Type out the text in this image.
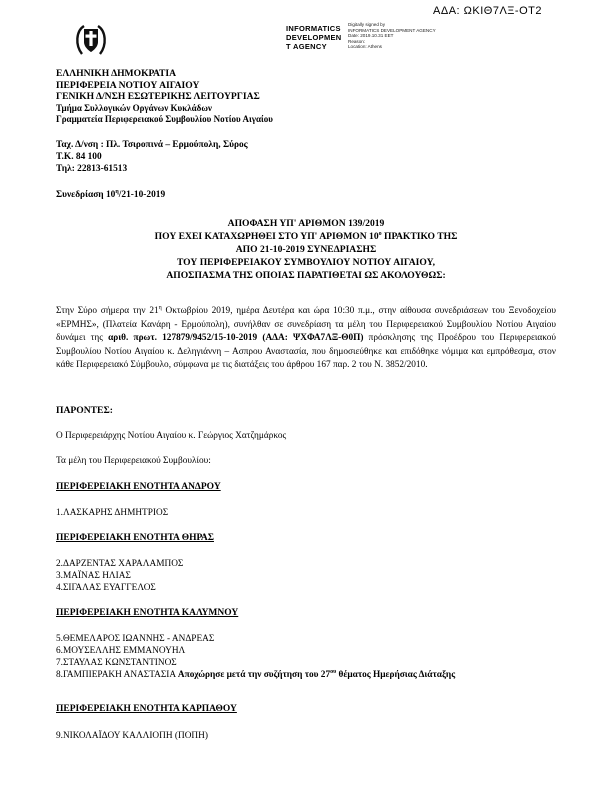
ΑΔΑ: ΩΚΙΘ7ΛΞ-ΟΤ2
INFORMATICS
DEVELOPMEN
T AGENCY
Digitally signed by
INFORMATICS DEVELOPMENT AGENCY
Date: 2019.10.31 EET
Reason:
Location: Athens
ΕΛΛΗΝΙΚΗ ΔΗΜΟΚΡΑΤΙΑ
ΠΕΡΙΦΕΡΕΙΑ ΝΟΤΙΟΥ ΑΙΓΑΙΟΥ
ΓΕΝΙΚΗ Δ/ΝΣΗ ΕΣΩΤΕΡΙΚΗΣ ΛΕΙΤΟΥΡΓΙΑΣ
Τμήμα Συλλογικών Οργάνων Κυκλάδων
Γραμματεία Περιφερειακού Συμβουλίου Νοτίου Αιγαίου
Ταχ. Δ/νση : Πλ. Τσιροπινά – Ερμούπολη, Σύρος
Τ.Κ. 84 100
Τηλ: 22813-61513
Συνεδρίαση $10^\eta/21-10-2019$
ΑΠΟΦΑΣΗ ΥΠ' ΑΡΙΘΜΟΝ 139/2019
ΠΟΥ ΕΧΕΙ ΚΑΤΑΧΩΡΗΘΕΙ ΣΤΟ ΥΠ' ΑΡΙΘΜΟΝ $10^o$ ΠΡΑΚΤΙΚΟ ΤΗΣ
ΑΠΟ 21-10-2019 ΣΥΝΕΔΡΙΑΣΗΣ
ΤΟΥ ΠΕΡΙΦΕΡΕΙΑΚΟΥ ΣΥΜΒΟΥΛΙΟΥ ΝΟΤΙΟΥ ΑΙΓΑΙΟΥ,
ΑΠΟΣΠΑΣΜΑ ΤΗΣ ΟΠΟΙΑΣ ΠΑΡΑΤΙΘΕΤΑΙ ΩΣ ΑΚΟΛΟΥΘΩΣ:

Στην Σύρο σήμερα την $21^\eta$ Οκτωβρίου 2019, ημέρα Δευτέρα και ώρα 10:30 π.μ., στην αίθουσα συνεδριάσεων του Ξενοδοχείου «ΕΡΜΗΣ», (Πλατεία Κανάρη - Ερμούπολη), συνήλθαν σε συνεδρίαση τα μέλη του Περιφερειακού Συμβουλίου Νοτίου Αιγαίου δυνάμει της αριθ. πρωτ. 127879/9452/15-10-2019 (ΑΔΑ: ΨΧΦΑ7ΛΞ-Θ0Π) πρόσκλησης της Προέδρου του Περιφερειακού Συμβουλίου Νοτίου Αιγαίου κ. Δεληγιάννη – Ασπρου Αναστασία, που δημοσιεύθηκε και επιδόθηκε νόμιμα και εμπρόθεσμα, στον κάθε Περιφερειακό Σύμβουλο, σύμφωνα με τις διατάξεις του άρθρου 167 παρ. 2 του Ν. 3852/2010.

ΠΑΡΟΝΤΕΣ:
Ο Περιφερειάρχης Νοτίου Αιγαίου κ. Γεώργιος Χατζημάρκος
Τα μέλη του Περιφερειακού Συμβουλίου:
ΠΕΡΙΦΕΡΕΙΑΚΗ ΕΝΟΤΗΤΑ ΑΝΔΡΟΥ
1.ΛΑΣΚΑΡΗΣ ΔΗΜΗΤΡΙΟΣ
ΠΕΡΙΦΕΡΕΙΑΚΗ ΕΝΟΤΗΤΑ ΘΗΡΑΣ
2.ΔΑΡΖΕΝΤΑΣ ΧΑΡΑΛΑΜΠΟΣ
3.ΜΑΪΝΑΣ ΗΛΙΑΣ
4.ΣΙΓΑΛΑΣ ΕΥΑΓΓΕΛΟΣ
ΠΕΡΙΦΕΡΕΙΑΚΗ ΕΝΟΤΗΤΑ ΚΑΛΥΜΝΟΥ
5.ΘΕΜΕΛΑΡΟΣ ΙΩΑΝΝΗΣ - ΑΝΔΡΕΑΣ
6.ΜΟΥΣΕΛΛΗΣ ΕΜΜΑΝΟΥΗΛ
7.ΣΤΑΥΛΑΣ ΚΩΝΣΤΑΝΤΙΝΟΣ
8.ΓΑΜΠΙΕΡΑΚΗ ΑΝΑΣΤΑΣΙΑ Αποχώρησε μετά την συζήτηση του $27^{o\upsilon}$ θέματος Ημερήσιας Διάταξης
ΠΕΡΙΦΕΡΕΙΑΚΗ ΕΝΟΤΗΤΑ ΚΑΡΠΑΘΟΥ
9.ΝΙΚΟΛΑΪΔΟΥ ΚΑΛΛΙΟΠΗ (ΠΟΠΗ)
